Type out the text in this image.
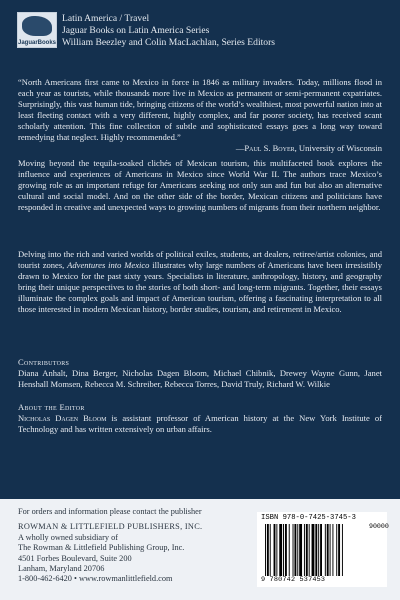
JaguarBooks
Latin America / Travel
Jaguar Books on Latin America Series
William Beezley and Colin MacLachlan, Series Editors

“North Americans first came to Mexico in force in 1846 as military invaders. Today, millions flood in each year as tourists, while thousands more live in Mexico as permanent or semi-permanent expatriates. Surprisingly, this vast human tide, bringing citizens of the world’s wealthiest, most powerful nation into at least fleeting contact with a very different, highly complex, and far poorer society, has received scant scholarly attention. This fine collection of subtle and sophisticated essays goes a long way toward remedying that neglect. Highly recommended.”
—Paul S. Boyer, University of Wisconsin

Moving beyond the tequila-soaked clichés of Mexican tourism, this multifaceted book explores the influence and experiences of Americans in Mexico since World War II. The authors trace Mexico’s growing role as an important refuge for Americans seeking not only sun and fun but also an alternative cultural and social model. And on the other side of the border, Mexican citizens and politicians have responded in creative and unexpected ways to growing numbers of migrants from their northern neighbor.

Delving into the rich and varied worlds of political exiles, students, art dealers, retiree/artist colonies, and tourist zones, Adventures into Mexico illustrates why large numbers of Americans have been irresistibly drawn to Mexico for the past sixty years. Specialists in literature, anthropology, history, and geography bring their unique perspectives to the stories of both short- and long-term migrants. Together, their essays illuminate the complex goals and impact of American tourism, offering a fascinating interpretation to all those interested in modern Mexican history, border studies, tourism, and retirement in Mexico.

Contributors

Diana Anhalt, Dina Berger, Nicholas Dagen Bloom, Michael Chibnik, Drewey Wayne Gunn, Janet Henshall Momsen, Rebecca M. Schreiber, Rebecca Torres, David Truly, Richard W. Wilkie

About the Editor

Nicholas Dagen Bloom is assistant professor of American history at the New York Institute of Technology and has written extensively on urban affairs.

For orders and information please contact the publisher
ROWMAN & LITTLEFIELD PUBLISHERS, INC.
A wholly owned subsidiary of
The Rowman & Littlefield Publishing Group, Inc.
4501 Forbes Boulevard, Suite 200
Lanham, Maryland 20706
1-800-462-6420 • www.rowmanlittlefield.com
ISBN 978-0-7425-3745-3
90000
9 780742 537453
